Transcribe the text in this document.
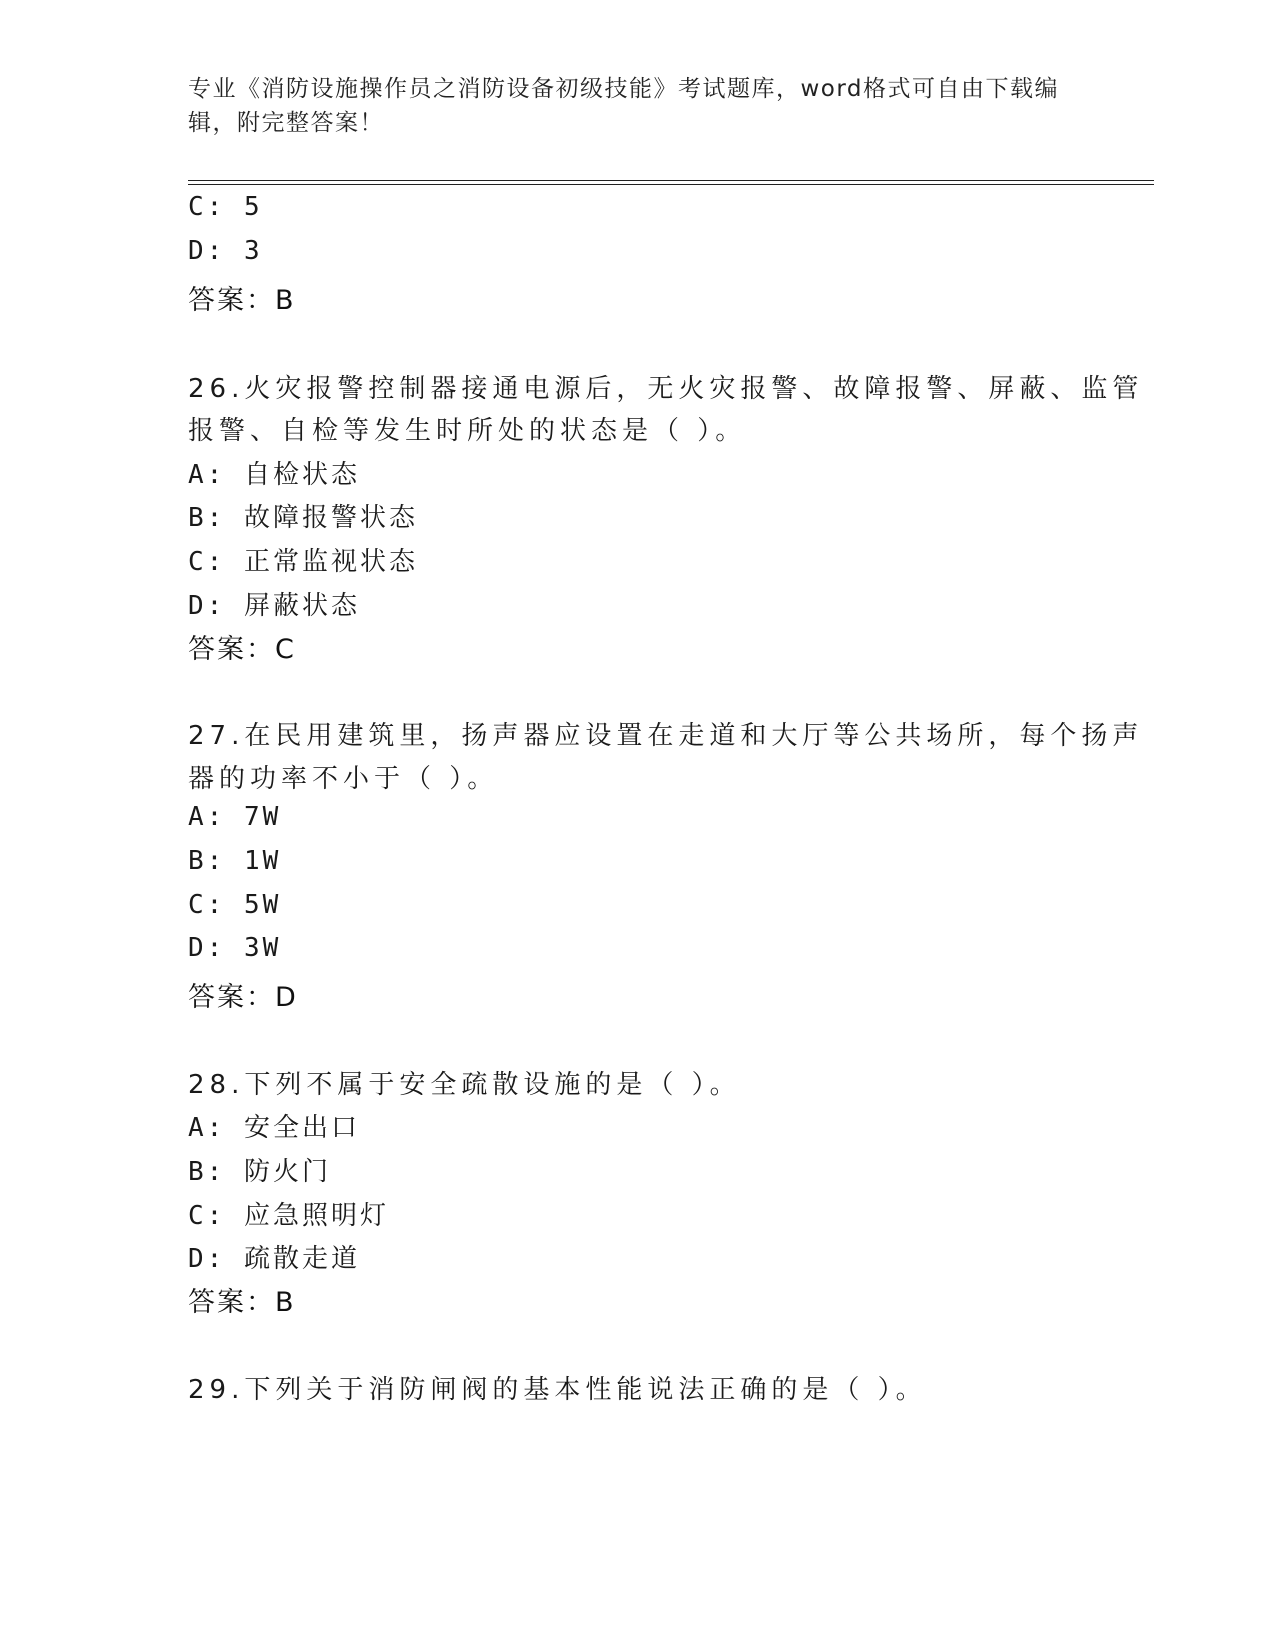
专业《消防设施操作员之消防设备初级技能》考试题库，word格式可自由下载编
辑，附完整答案！
C: 5
D: 3
答案：B
26.火灾报警控制器接通电源后，无火灾报警、故障报警、屏蔽、监管
报警、自检等发生时所处的状态是（ ）。
A: 自检状态
B: 故障报警状态
C: 正常监视状态
D: 屏蔽状态
答案：C
27.在民用建筑里，扬声器应设置在走道和大厅等公共场所，每个扬声
器的功率不小于（ ）。
A: 7W
B: 1W
C: 5W
D: 3W
答案：D
28.下列不属于安全疏散设施的是（ ）。
A: 安全出口
B: 防火门
C: 应急照明灯
D: 疏散走道
答案：B
29.下列关于消防闸阀的基本性能说法正确的是（ ）。
